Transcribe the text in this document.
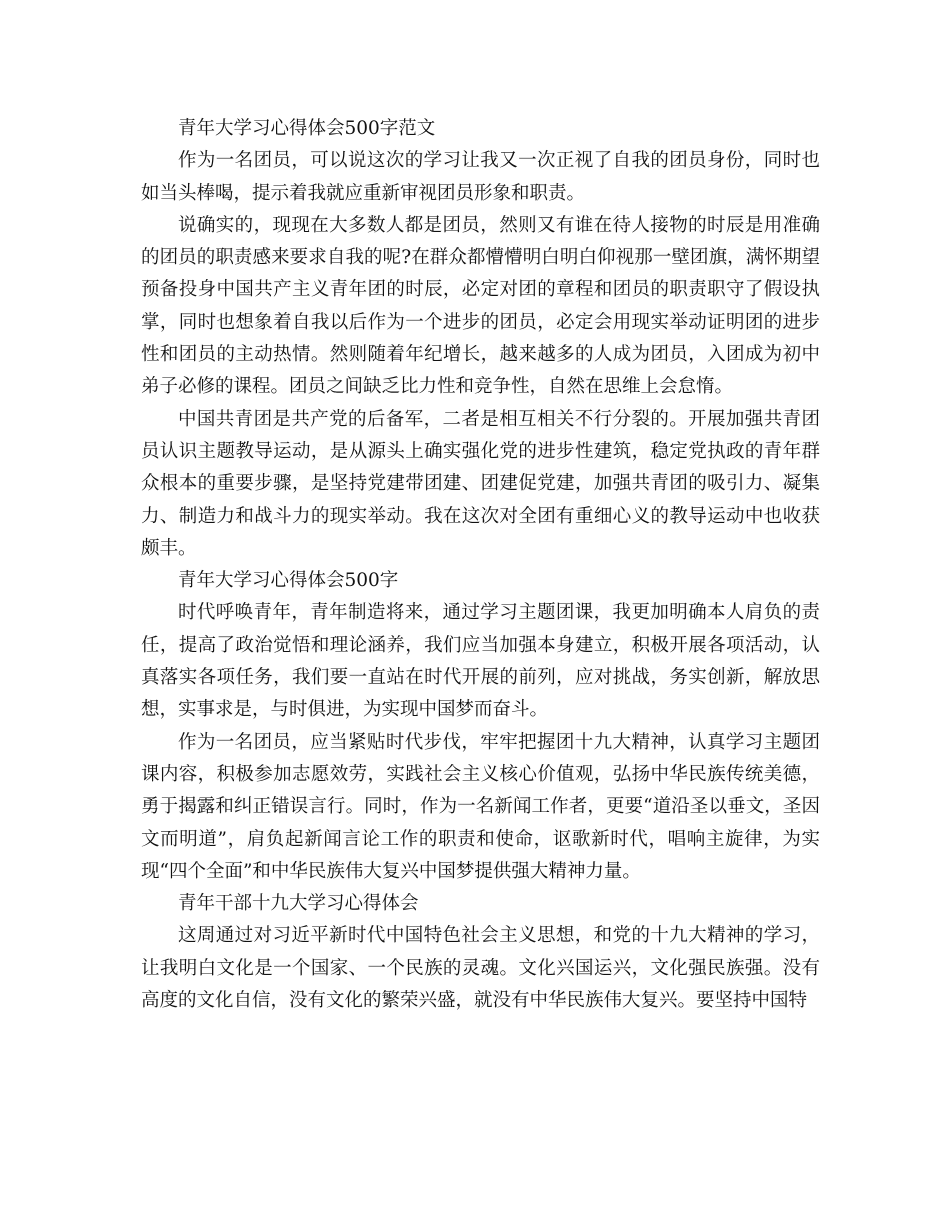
青年大学习心得体会500字范文

作为一名团员，可以说这次的学习让我又一次正视了自我的团员身份，同时也如当头棒喝，提示着我就应重新审视团员形象和职责。

说确实的，现现在大多数人都是团员，然则又有谁在待人接物的时辰是用准确的团员的职责感来要求自我的呢?在群众都懵懵明白明白仰视那一壁团旗，满怀期望预备投身中国共产主义青年团的时辰，必定对团的章程和团员的职责职守了假设执掌，同时也想象着自我以后作为一个进步的团员，必定会用现实举动证明团的进步性和团员的主动热情。然则随着年纪增长，越来越多的人成为团员，入团成为初中弟子必修的课程。团员之间缺乏比力性和竞争性，自然在思维上会怠惰。

中国共青团是共产党的后备军，二者是相互相关不行分裂的。开展加强共青团员认识主题教导运动，是从源头上确实强化党的进步性建筑，稳定党执政的青年群众根本的重要步骤，是坚持党建带团建、团建促党建，加强共青团的吸引力、凝集力、制造力和战斗力的现实举动。我在这次对全团有重细心义的教导运动中也收获颇丰。

青年大学习心得体会500字

时代呼唤青年，青年制造将来，通过学习主题团课，我更加明确本人肩负的责任，提高了政治觉悟和理论涵养，我们应当加强本身建立，积极开展各项活动，认真落实各项任务，我们要一直站在时代开展的前列，应对挑战，务实创新，解放思想，实事求是，与时俱进，为实现中国梦而奋斗。

作为一名团员，应当紧贴时代步伐，牢牢把握团十九大精神，认真学习主题团课内容，积极参加志愿效劳，实践社会主义核心价值观，弘扬中华民族传统美德，勇于揭露和纠正错误言行。同时，作为一名新闻工作者，更要“道沿圣以垂文，圣因文而明道”，肩负起新闻言论工作的职责和使命，讴歌新时代，唱响主旋律，为实现“四个全面”和中华民族伟大复兴中国梦提供强大精神力量。

青年干部十九大学习心得体会

这周通过对习近平新时代中国特色社会主义思想，和党的十九大精神的学习，让我明白文化是一个国家、一个民族的灵魂。文化兴国运兴，文化强民族强。没有高度的文化自信，没有文化的繁荣兴盛，就没有中华民族伟大复兴。要坚持中国特
